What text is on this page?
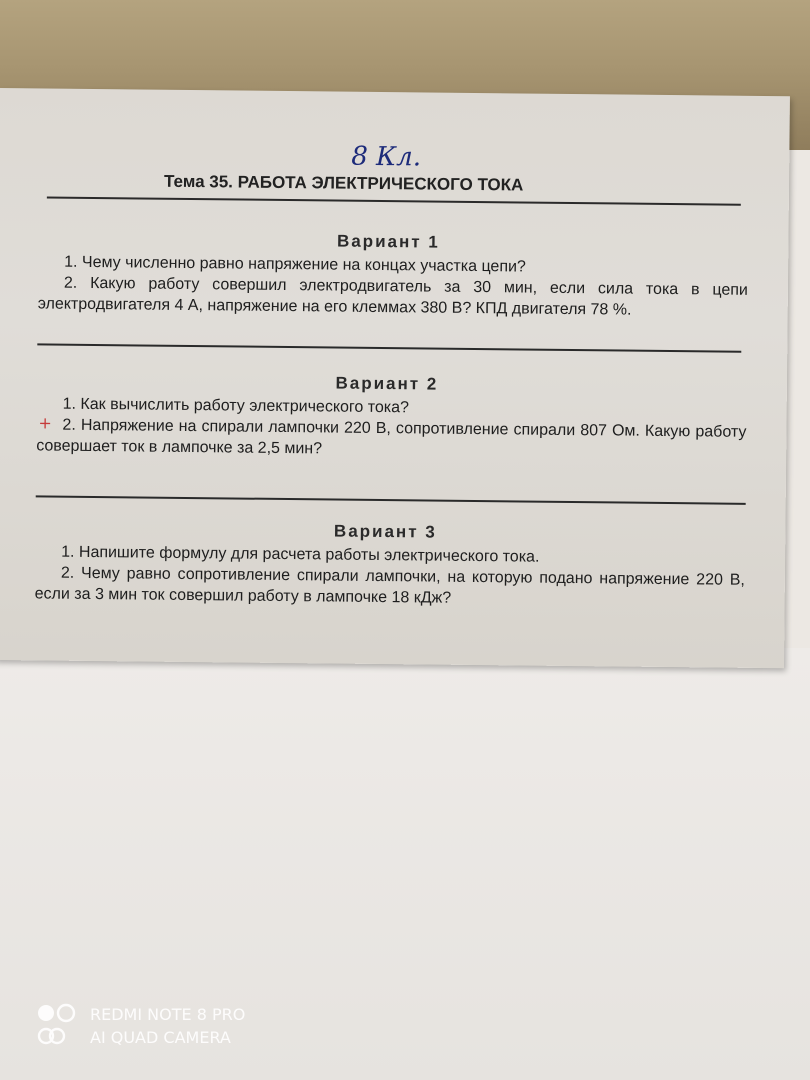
8 Кл.
Тема 35. РАБОТА ЭЛЕКТРИЧЕСКОГО ТОКА
Вариант 1
1. Чему численно равно напряжение на концах участка цепи?
2. Какую работу совершил электродвигатель за 30 мин, если сила тока в цепи электродвигателя 4 А, напряжение на его клеммах 380 В? КПД двигателя 78 %.
Вариант 2
1. Как вычислить работу электрического тока?
+ 2. Напряжение на спирали лампочки 220 В, сопротивление спирали 807 Ом. Какую работу совершает ток в лампочке за 2,5 мин?
Вариант 3
1. Напишите формулу для расчета работы электрического тока.
2. Чему равно сопротивление спирали лампочки, на которую подано напряжение 220 В, если за 3 мин ток совершил работу в лампочке 18 кДж?
REDMI NOTE 8 PRO
AI QUAD CAMERA
